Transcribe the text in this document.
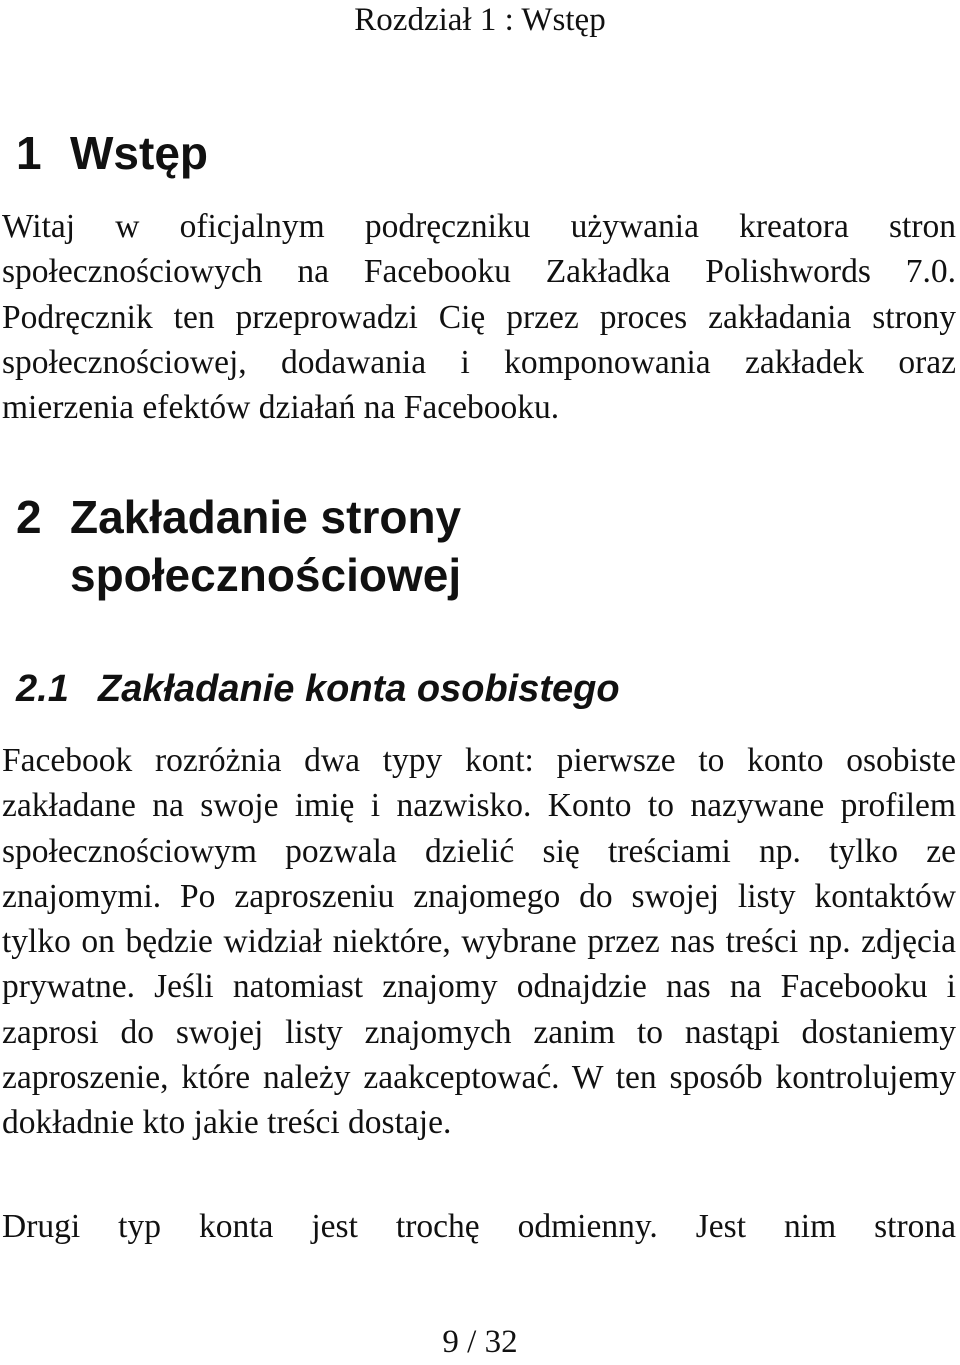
Rozdział 1 : Wstęp
1 Wstęp

Witaj w oficjalnym podręczniku używania kreatora stron społecznościowych na Facebooku Zakładka Polishwords 7.0. Podręcznik ten przeprowadzi Cię przez proces zakładania strony społecznościowej, dodawania i komponowania zakładek oraz mierzenia efektów działań na Facebooku.

2 Zakładanie strony społecznościowej
2.1 Zakładanie konta osobistego

Facebook rozróżnia dwa typy kont: pierwsze to konto osobiste zakładane na swoje imię i nazwisko. Konto to nazywane profilem społecznościowym pozwala dzielić się treściami np. tylko ze znajomymi. Po zaproszeniu znajomego do swojej listy kontaktów tylko on będzie widział niektóre, wybrane przez nas treści np. zdjęcia prywatne. Jeśli natomiast znajomy odnajdzie nas na Facebooku i zaprosi do swojej listy znajomych zanim to nastąpi dostaniemy zaproszenie, które należy zaakceptować. W ten sposób kontrolujemy dokładnie kto jakie treści dostaje.

Drugi typ konta jest trochę odmienny. Jest nim strona

9 / 32
